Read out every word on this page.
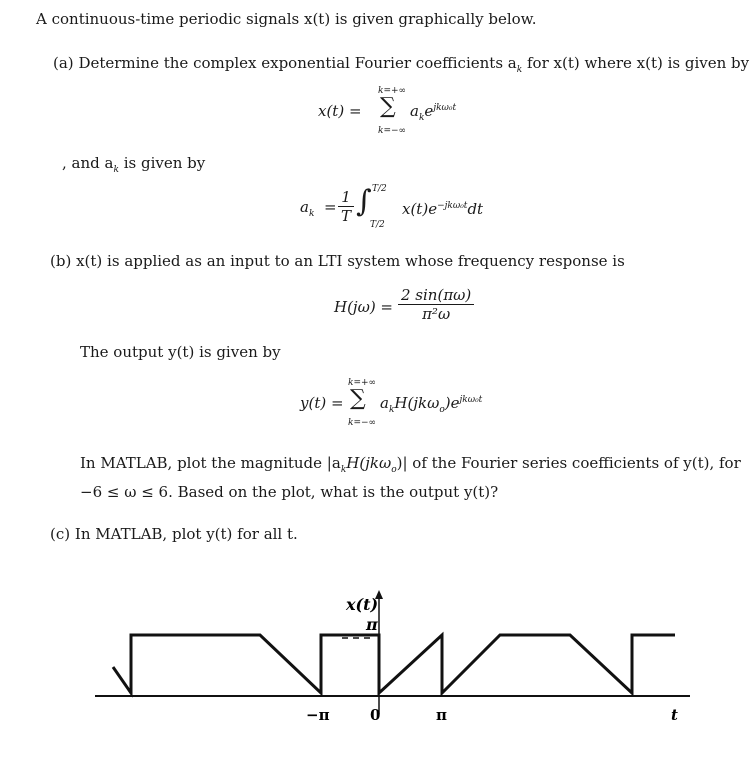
A continuous-time periodic signals x(t) is given graphically below.
(a) Determine the complex exponential Fourier coefficients $a_k$ for x(t) where x(t) is given by
x(t) =
k=+∞
∑
k=−∞
$a_ke^{jk\omega_0t}$
, and $a_k$ is given by
$a_k = \frac{1}{T}$ ∫ T/2
T/2
$x(t)e^{-jk\omega_0t}dt$
(b) x(t) is applied as an input to an LTI system whose frequency response is
$H(j\omega) = \frac{2 \sin(\pi\omega)}{\text{π²ω}}$
The output y(t) is given by
y(t) =
k=+∞
∑
k=−∞
$a_kH(jk\omega_o)e^{jk\omega_0t}$
In MATLAB, plot the magnitude $|a_kH(jk\omega_o)|$ of the Fourier series coefficients of y(t), for
−6 ≤ ω ≤ 6. Based on the plot, what is the output y(t)?
(c) In MATLAB, plot y(t) for all t.
x(t)
π
−π	0	π	t
